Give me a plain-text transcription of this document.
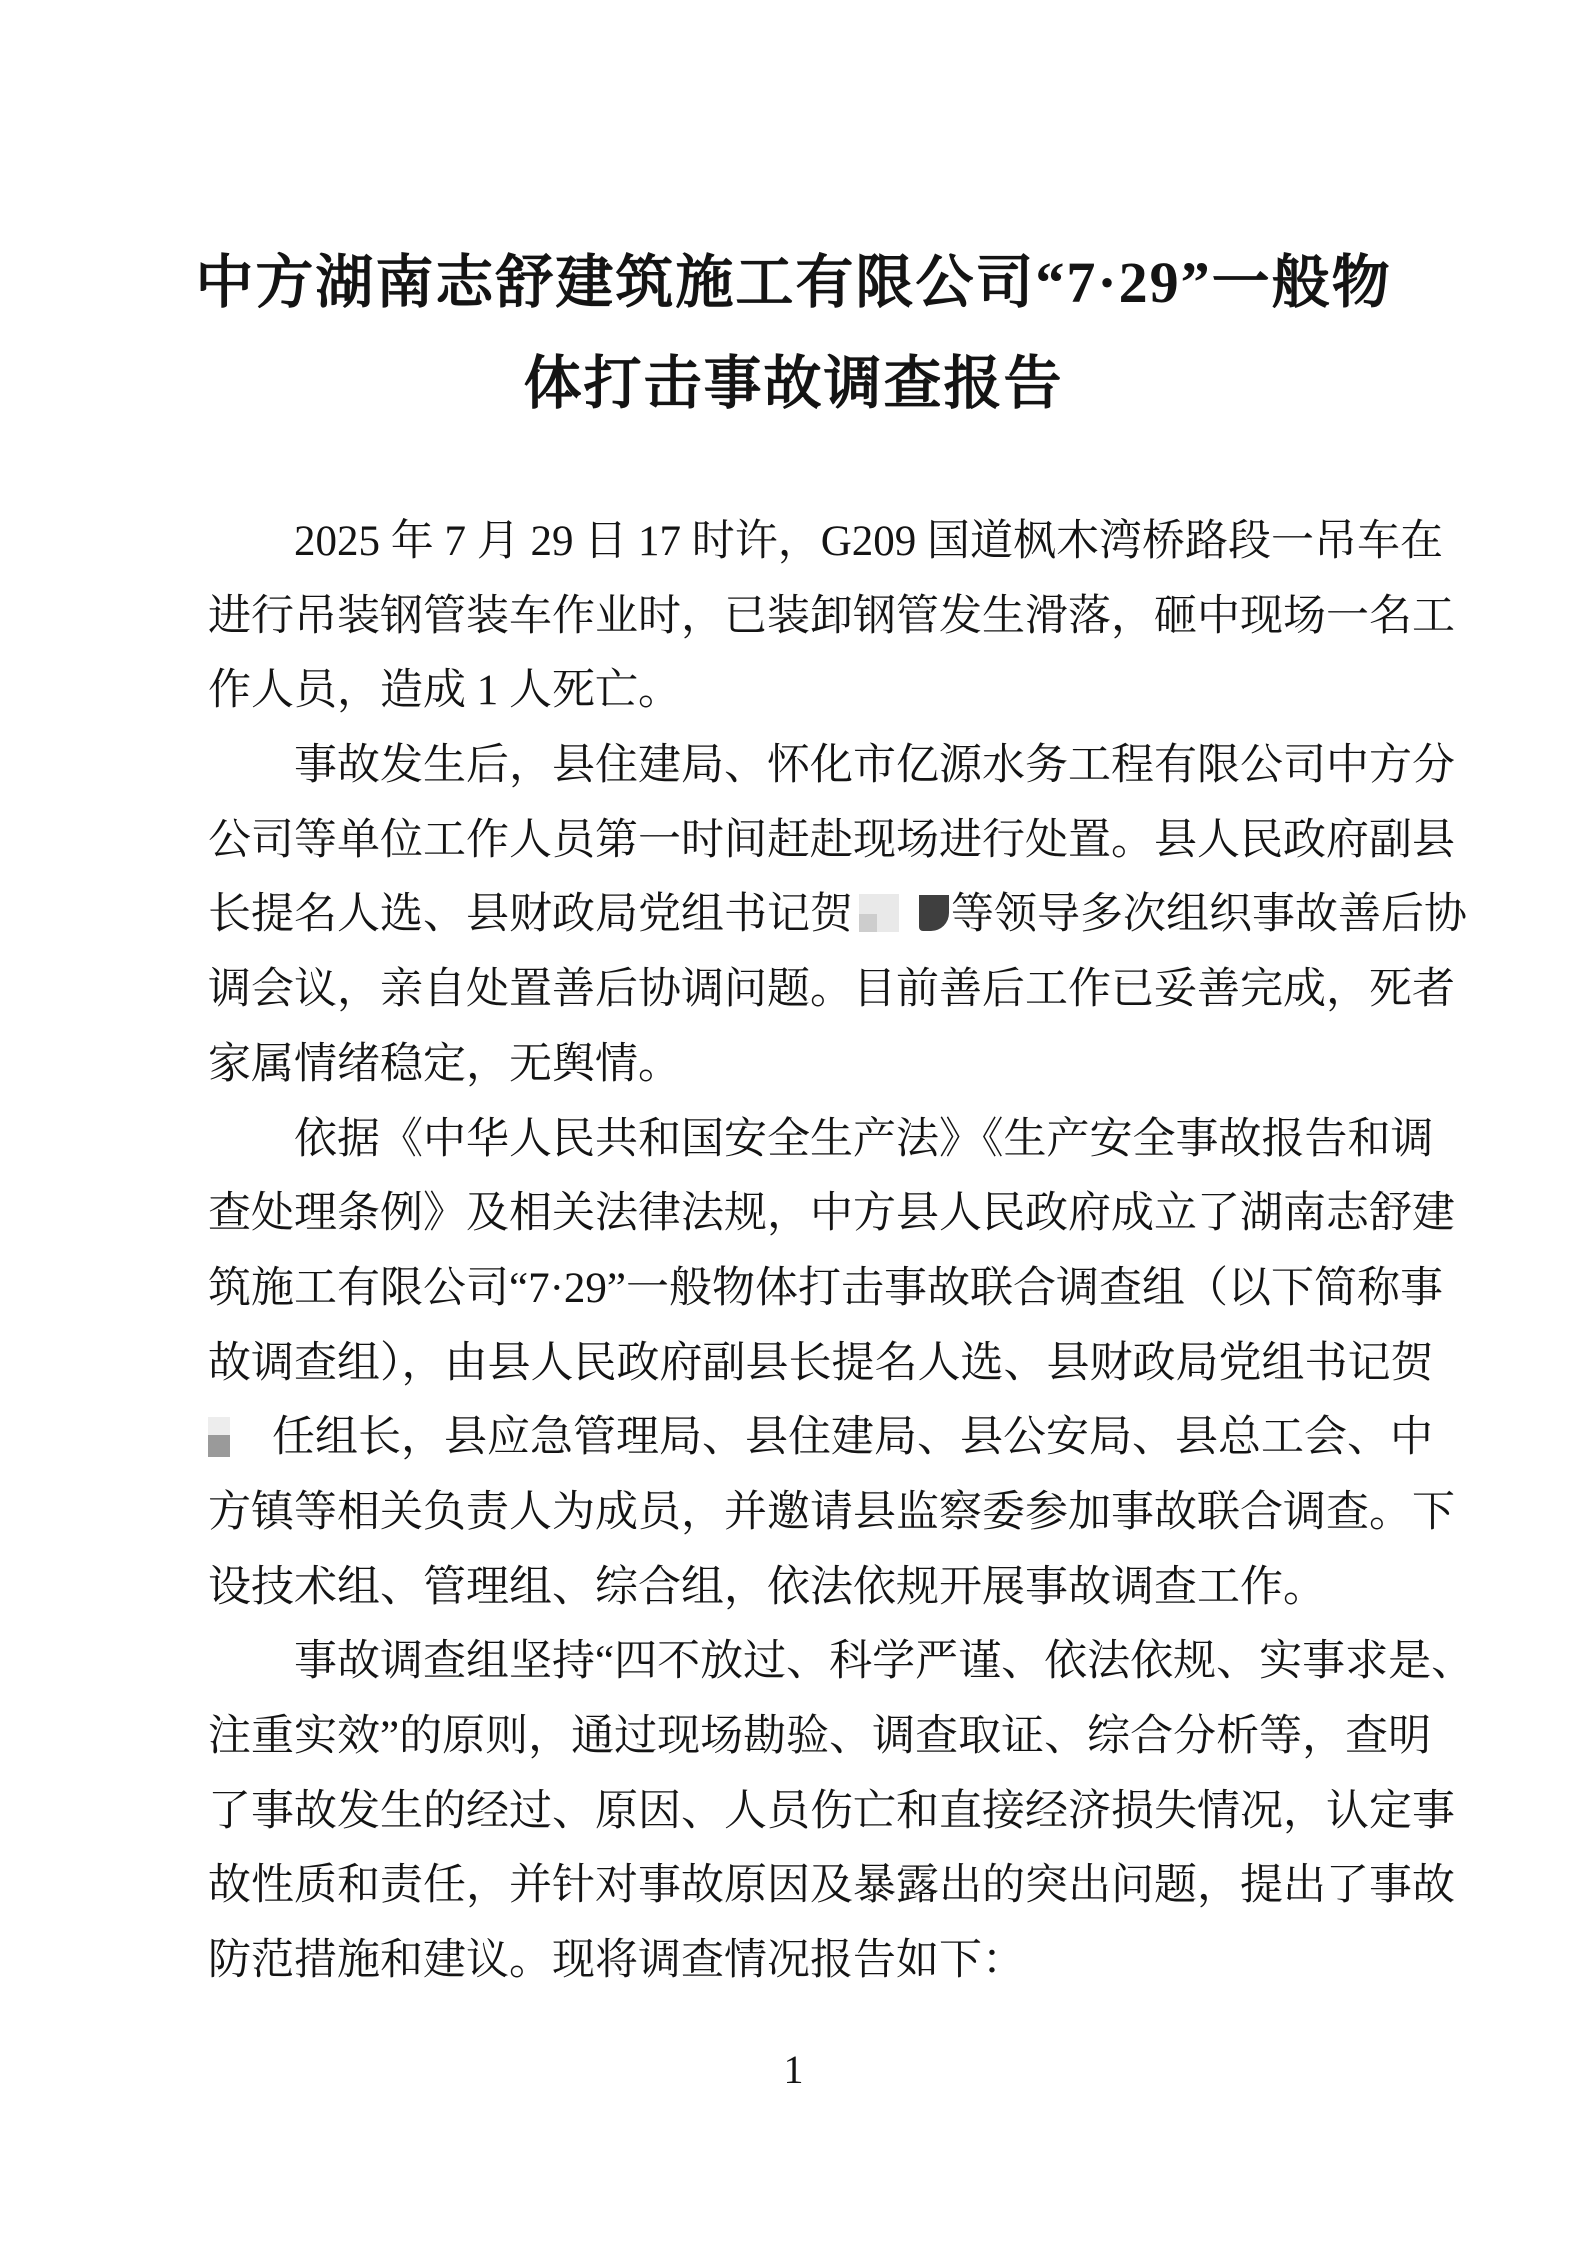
中方湖南志舒建筑施工有限公司“7·29”一般物
体打击事故调查报告
2025 年 7 月 29 日 17 时许，G209 国道枫木湾桥路段一吊车在
进行吊装钢管装车作业时，已装卸钢管发生滑落，砸中现场一名工
作人员，造成 1 人死亡。
事故发生后，县住建局、怀化市亿源水务工程有限公司中方分
公司等单位工作人员第一时间赶赴现场进行处置。县人民政府副县
长提名人选、县财政局党组书记贺 等领导多次组织事故善后协
调会议，亲自处置善后协调问题。目前善后工作已妥善完成，死者
家属情绪稳定，无舆情。
依据《中华人民共和国安全生产法》《生产安全事故报告和调
查处理条例》及相关法律法规，中方县人民政府成立了湖南志舒建
筑施工有限公司“7·29”一般物体打击事故联合调查组（以下简称事
故调查组），由县人民政府副县长提名人选、县财政局党组书记贺
任组长，县应急管理局、县住建局、县公安局、县总工会、中
方镇等相关负责人为成员，并邀请县监察委参加事故联合调查。下
设技术组、管理组、综合组，依法依规开展事故调查工作。
事故调查组坚持“四不放过、科学严谨、依法依规、实事求是、
注重实效”的原则，通过现场勘验、调查取证、综合分析等，查明
了事故发生的经过、原因、人员伤亡和直接经济损失情况，认定事
故性质和责任，并针对事故原因及暴露出的突出问题，提出了事故
防范措施和建议。现将调查情况报告如下：
1
